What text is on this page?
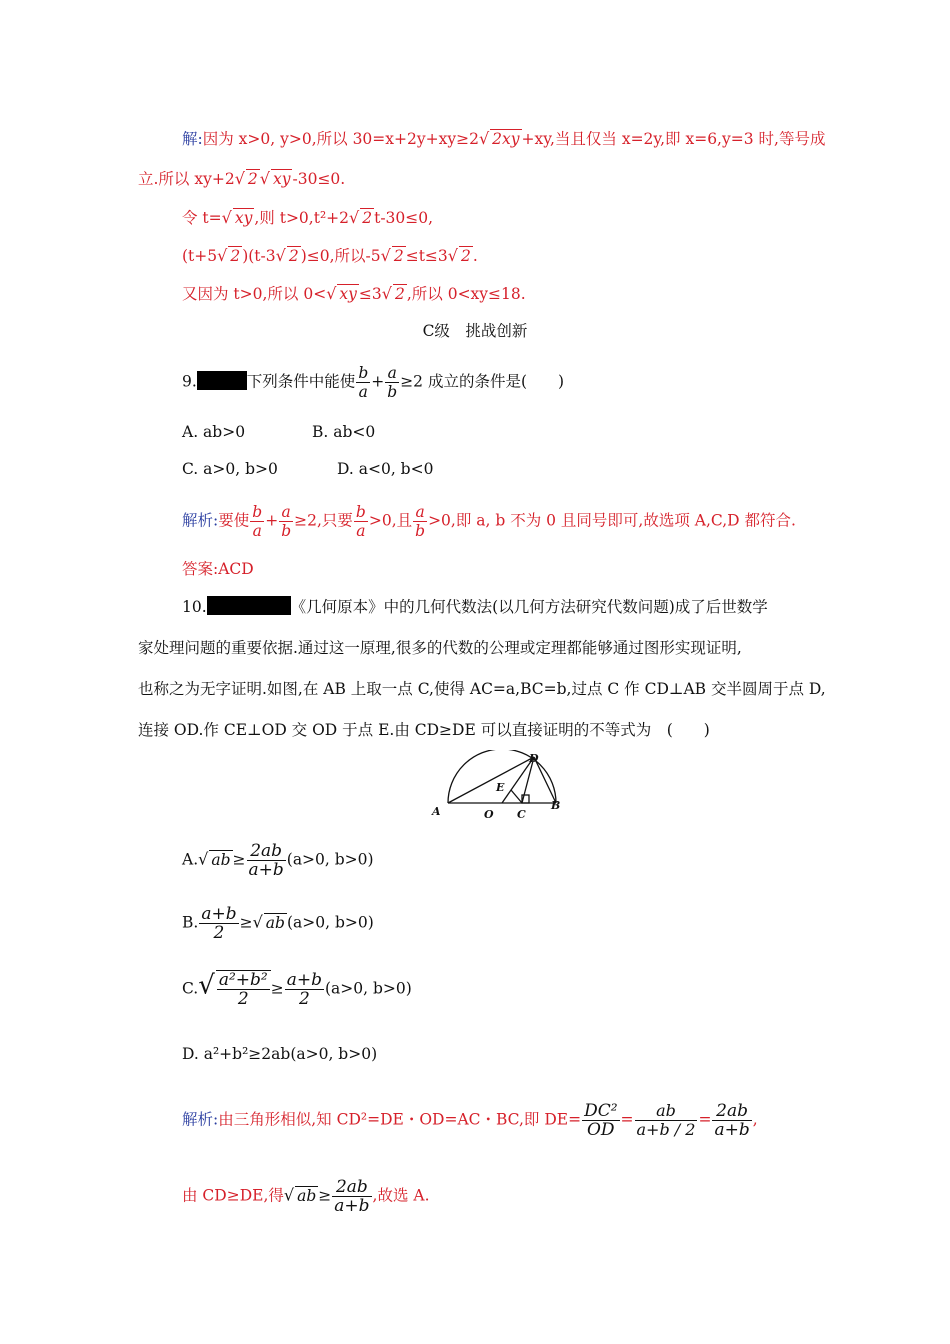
解:因为 x>0, y>0,所以 30=x+2y+xy≥2√ 2xy +xy,当且仅当 x=2y,即 x=6,y=3 时,等号成
立.所以 xy+2√ 2 √ xy -30≤0.
令 t=√ xy ,则 t>0,t²+2√ 2 t-30≤0,
(t+5√ 2 )(t-3√ 2 )≤0,所以-5√ 2 ≤t≤3√ 2 .
又因为 t>0,所以 0<√ xy ≤3√ 2 ,所以 0<xy≤18.
C级　挑战创新
9.	下列条件中能使 $\frac{b}{a} + \frac{a}{b} \ge 2$ 成立的条件是(　　)
A. ab>0	B. ab<0
C. a>0, b>0	D. a<0, b<0
解析:要使 $\frac{b}{a} + \frac{a}{b} \ge 2$,只要 $\frac{b}{a} >0$,且 $\frac{a}{b} >0$,即 a, b 不为 0 且同号即可,故选项 A,C,D 都符合.
答案:ACD
10.	《几何原本》中的几何代数法(以几何方法研究代数问题)成了后世数学
家处理问题的重要依据.通过这一原理,很多的代数的公理或定理都能够通过图形实现证明,
也称之为无字证明.如图,在 AB 上取一点 C,使得 AC=a,BC=b,过点 C 作 CD⊥AB 交半圆周于点 D,
连接 OD.作 CE⊥OD 交 OD 于点 E.由 CD≥DE 可以直接证明的不等式为　(　　)
A	O C
B
D
E
A.√ ab ≥ $\frac{2ab}{a+b} (a>0$, b>0)
B. $\frac{a+b}{2}$ ≥√ ab (a>0, b>0)
$C.√ \frac{\text{a²+b²}}{2} \ge \frac{a+b}{2} (a>0$, b>0)
D. a²+b²≥2ab(a>0, b>0)
解析:由三角形相似,知 CD²=DE・OD=AC・BC,即 $DE= \frac{\text{DC²}}{OD} = \frac{ab}{a+b / 2} = \frac{2ab}{a+b}$ ,
由 CD≥DE,得√ ab ≥ $\frac{2ab}{a+b}$ ,故选 A.
